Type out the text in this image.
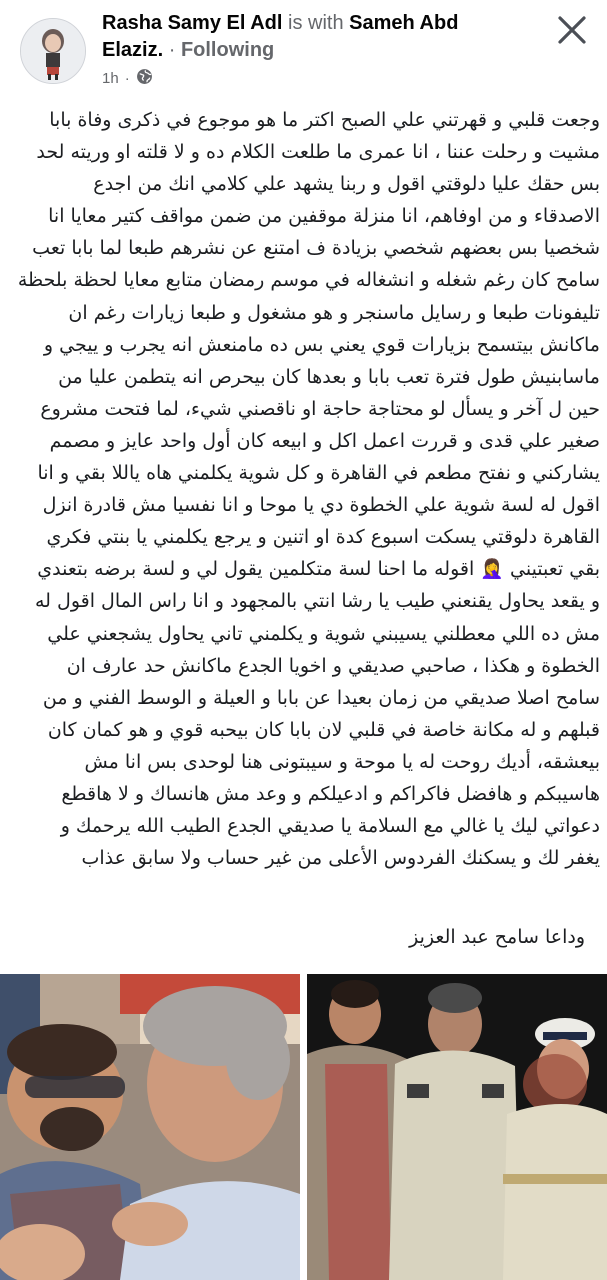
Rasha Samy El Adl is with Sameh Abd Elaziz. · Following
1h ·

وجعت قلبي و قهرتني علي الصبح اكتر ما هو موجوع في ذكرى وفاة بابا

مشيت و رحلت عننا ، انا عمرى ما طلعت الكلام ده و لا قلته او وريته لحد

بس حقك عليا دلوقتي اقول و ربنا يشهد علي كلامي انك من اجدع

الاصدقاء و من اوفاهم، انا منزلة موقفين من ضمن مواقف كتير معايا انا

شخصيا بس بعضهم شخصي بزيادة ف امتنع عن نشرهم طبعا لما بابا تعب

سامح كان رغم شغله و انشغاله في موسم رمضان متابع معايا لحظة بلحظة

تليفونات طبعا و رسايل ماسنجر و هو مشغول و طبعا زيارات رغم ان

ماكانش بيتسمح بزيارات قوي يعني بس ده مامنعش انه يجرب و ييجي و

ماسابنيش طول فترة تعب بابا و بعدها كان بيحرص انه يتطمن عليا من

حين ل آخر و يسأل لو محتاجة حاجة او ناقصني شيء، لما فتحت مشروع

صغير علي قدى و قررت اعمل اكل و ابيعه كان أول واحد عايز و مصمم

يشاركني و نفتح مطعم في القاهرة و كل شوية يكلمني هاه ياللا بقي و انا

اقول له لسة شوية علي الخطوة دي يا موحا و انا نفسيا مش قادرة انزل

القاهرة دلوقتي يسكت اسبوع كدة او اتنين و يرجع يكلمني يا بنتي فكري

بقي تعبتيني 🤦‍♀️ اقوله ما احنا لسة متكلمين يقول لي و لسة برضه بتعندي

و يقعد يحاول يقنعني طيب يا رشا انتي بالمجهود و انا راس المال اقول له

مش ده اللي معطلني يسيبني شوية و يكلمني تاني يحاول يشجعني علي

الخطوة و هكذا ، صاحبي صديقي و اخويا الجدع ماكانش حد عارف ان

سامح اصلا صديقي من زمان بعيدا عن بابا و العيلة و الوسط الفني و من

قبلهم و له مكانة خاصة في قلبي لان بابا كان بيحبه قوي و هو كمان كان

بيعشقه، أديك روحت له يا موحة و سيبتونى هنا لوحدى بس انا مش

هاسيبكم و هافضل فاكراكم و ادعيلكم و وعد مش هانساك و لا هاقطع

دعواتي ليك يا غالي مع السلامة يا صديقي الجدع الطيب الله يرحمك و

يغفر لك و يسكنك الفردوس الأعلى من غير حساب ولا سابق عذاب

وداعا سامح عبد العزيز
